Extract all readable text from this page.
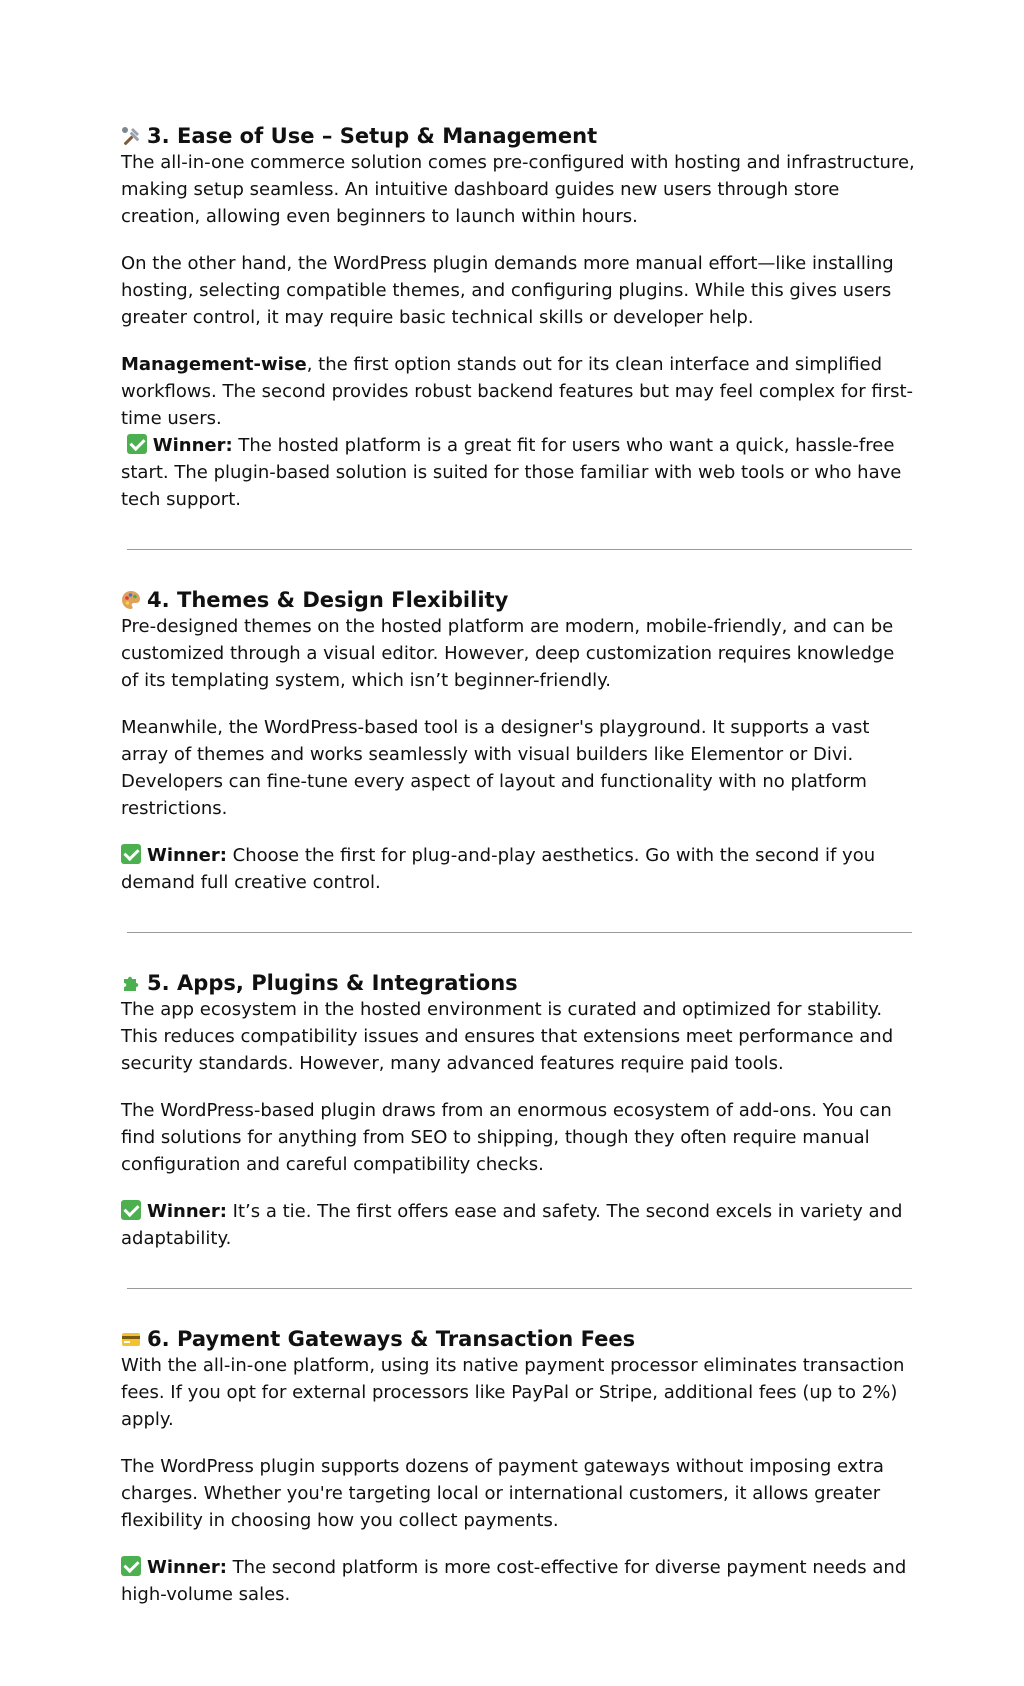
3. Ease of Use – Setup & Management

The all-in-one commerce solution comes pre-configured with hosting and infrastructure, making setup seamless. An intuitive dashboard guides new users through store creation, allowing even beginners to launch within hours.

On the other hand, the WordPress plugin demands more manual effort—like installing hosting, selecting compatible themes, and configuring plugins. While this gives users greater control, it may require basic technical skills or developer help.

Management-wise, the first option stands out for its clean interface and simplified workflows. The second provides robust backend features but may feel complex for first-time users.

Winner: The hosted platform is a great fit for users who want a quick, hassle-free start. The plugin-based solution is suited for those familiar with web tools or who have tech support.

4. Themes & Design Flexibility

Pre-designed themes on the hosted platform are modern, mobile-friendly, and can be customized through a visual editor. However, deep customization requires knowledge of its templating system, which isn’t beginner-friendly.

Meanwhile, the WordPress-based tool is a designer's playground. It supports a vast array of themes and works seamlessly with visual builders like Elementor or Divi. Developers can fine-tune every aspect of layout and functionality with no platform restrictions.

Winner: Choose the first for plug-and-play aesthetics. Go with the second if you demand full creative control.

5. Apps, Plugins & Integrations

The app ecosystem in the hosted environment is curated and optimized for stability. This reduces compatibility issues and ensures that extensions meet performance and security standards. However, many advanced features require paid tools.

The WordPress-based plugin draws from an enormous ecosystem of add-ons. You can find solutions for anything from SEO to shipping, though they often require manual configuration and careful compatibility checks.

Winner: It’s a tie. The first offers ease and safety. The second excels in variety and adaptability.

6. Payment Gateways & Transaction Fees

With the all-in-one platform, using its native payment processor eliminates transaction fees. If you opt for external processors like PayPal or Stripe, additional fees (up to 2%) apply.

The WordPress plugin supports dozens of payment gateways without imposing extra charges. Whether you're targeting local or international customers, it allows greater flexibility in choosing how you collect payments.

Winner: The second platform is more cost-effective for diverse payment needs and high-volume sales.
